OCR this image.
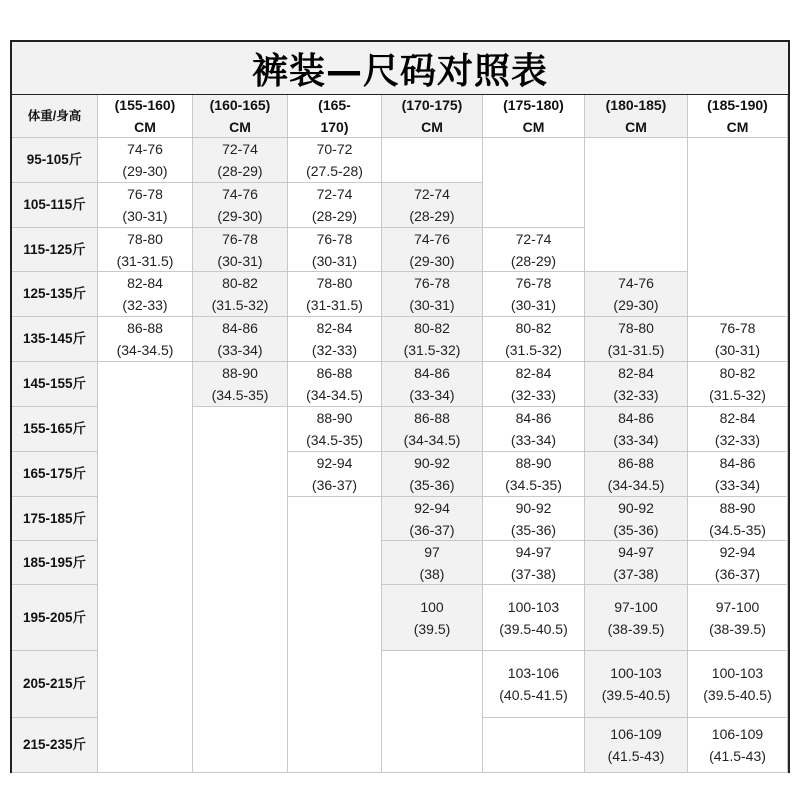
裤装—尺码对照表
体重/身高
(155-160)
CM
(160-165)
CM
(165-
170)
(170-175)
CM
(175-180)
CM
(180-185)
CM
(185-190)
CM
95-105斤
74-76
(29-30)
72-74
(28-29)
70-72
(27.5-28)
105-115斤
76-78
(30-31)
74-76
(29-30)
72-74
(28-29)
72-74
(28-29)
115-125斤
78-80
(31-31.5)
76-78
(30-31)
76-78
(30-31)
74-76
(29-30)
72-74
(28-29)
125-135斤
82-84
(32-33)
80-82
(31.5-32)
78-80
(31-31.5)
76-78
(30-31)
76-78
(30-31)
74-76
(29-30)
135-145斤
86-88
(34-34.5)
84-86
(33-34)
82-84
(32-33)
80-82
(31.5-32)
80-82
(31.5-32)
78-80
(31-31.5)
76-78
(30-31)
145-155斤
88-90
(34.5-35)
86-88
(34-34.5)
84-86
(33-34)
82-84
(32-33)
82-84
(32-33)
80-82
(31.5-32)
155-165斤
88-90
(34.5-35)
86-88
(34-34.5)
84-86
(33-34)
84-86
(33-34)
82-84
(32-33)
165-175斤
92-94
(36-37)
90-92
(35-36)
88-90
(34.5-35)
86-88
(34-34.5)
84-86
(33-34)
175-185斤
92-94
(36-37)
90-92
(35-36)
90-92
(35-36)
88-90
(34.5-35)
185-195斤
97
(38)
94-97
(37-38)
94-97
(37-38)
92-94
(36-37)
195-205斤
100
(39.5)
100-103
(39.5-40.5)
97-100
(38-39.5)
97-100
(38-39.5)
205-215斤
103-106
(40.5-41.5)
100-103
(39.5-40.5)
100-103
(39.5-40.5)
215-235斤
106-109
(41.5-43)
106-109
(41.5-43)
